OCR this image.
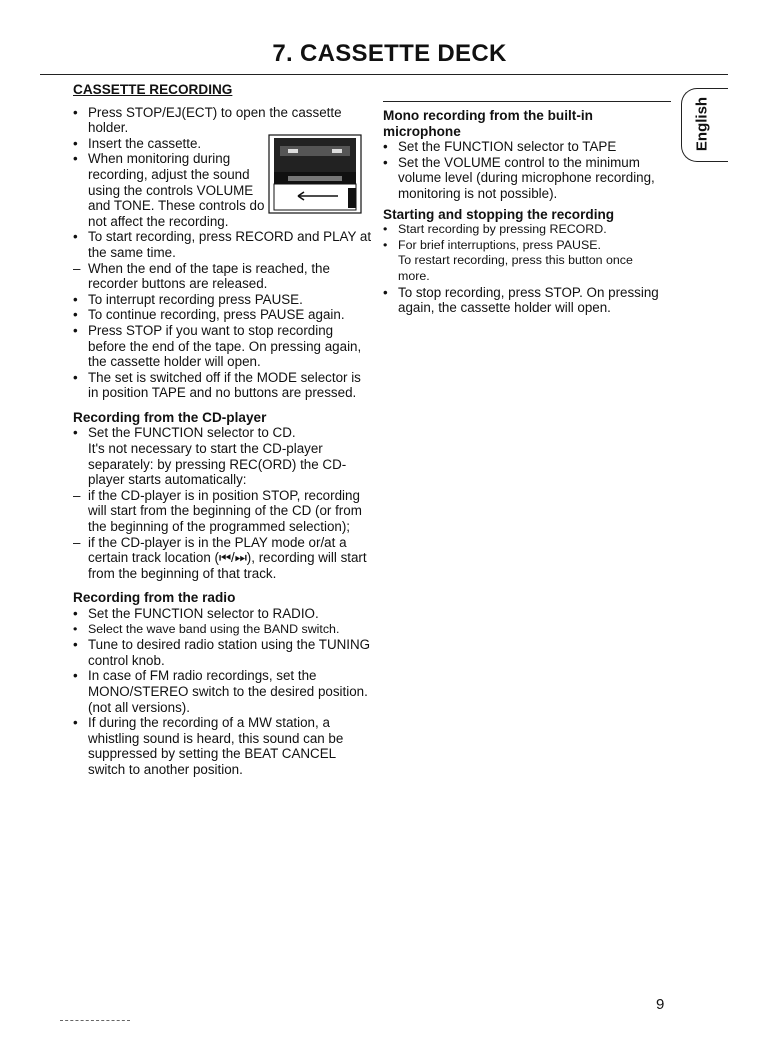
7. CASSETTE DECK
CASSETTE RECORDING
• Press STOP/EJ(ECT) to open the cassette holder.
• Insert the cassette.
• When monitoring during recording, adjust the sound using the controls VOLUME and TONE. These controls do not affect the recording.
• To start recording, press RECORD and PLAY at the same time.
– When the end of the tape is reached, the recorder buttons are released.
• To interrupt recording press PAUSE.
• To continue recording, press PAUSE again.
• Press STOP if you want to stop recording before the end of the tape. On pressing again, the cassette holder will open.
• The set is switched off if the MODE selector is in position TAPE and no buttons are pressed.
Recording from the CD-player
• Set the FUNCTION selector to CD.
It's not necessary to start the CD-player separately: by pressing REC(ORD) the CD-player starts automatically:
– if the CD-player is in position STOP, recording will start from the beginning of the CD (or from the beginning of the programmed selection);
– if the CD-player is in the PLAY mode or/at a certain track location (⏮/⏭), recording will start from the beginning of that track.
Recording from the radio
• Set the FUNCTION selector to RADIO.
• Select the wave band using the BAND switch.
• Tune to desired radio station using the TUNING control knob.
• In case of FM radio recordings, set the MONO/STEREO switch to the desired position. (not all versions).
• If during the recording of a MW station, a whistling sound is heard, this sound can be suppressed by setting the BEAT CANCEL switch to another position.
Mono recording from the built-in microphone
• Set the FUNCTION selector to TAPE
• Set the VOLUME control to the minimum volume level (during microphone recording, monitoring is not possible).
Starting and stopping the recording
• Start recording by pressing RECORD.
• For brief interruptions, press PAUSE.
To restart recording, press this button once more.
• To stop recording, press STOP. On pressing again, the cassette holder will open.
English
9
